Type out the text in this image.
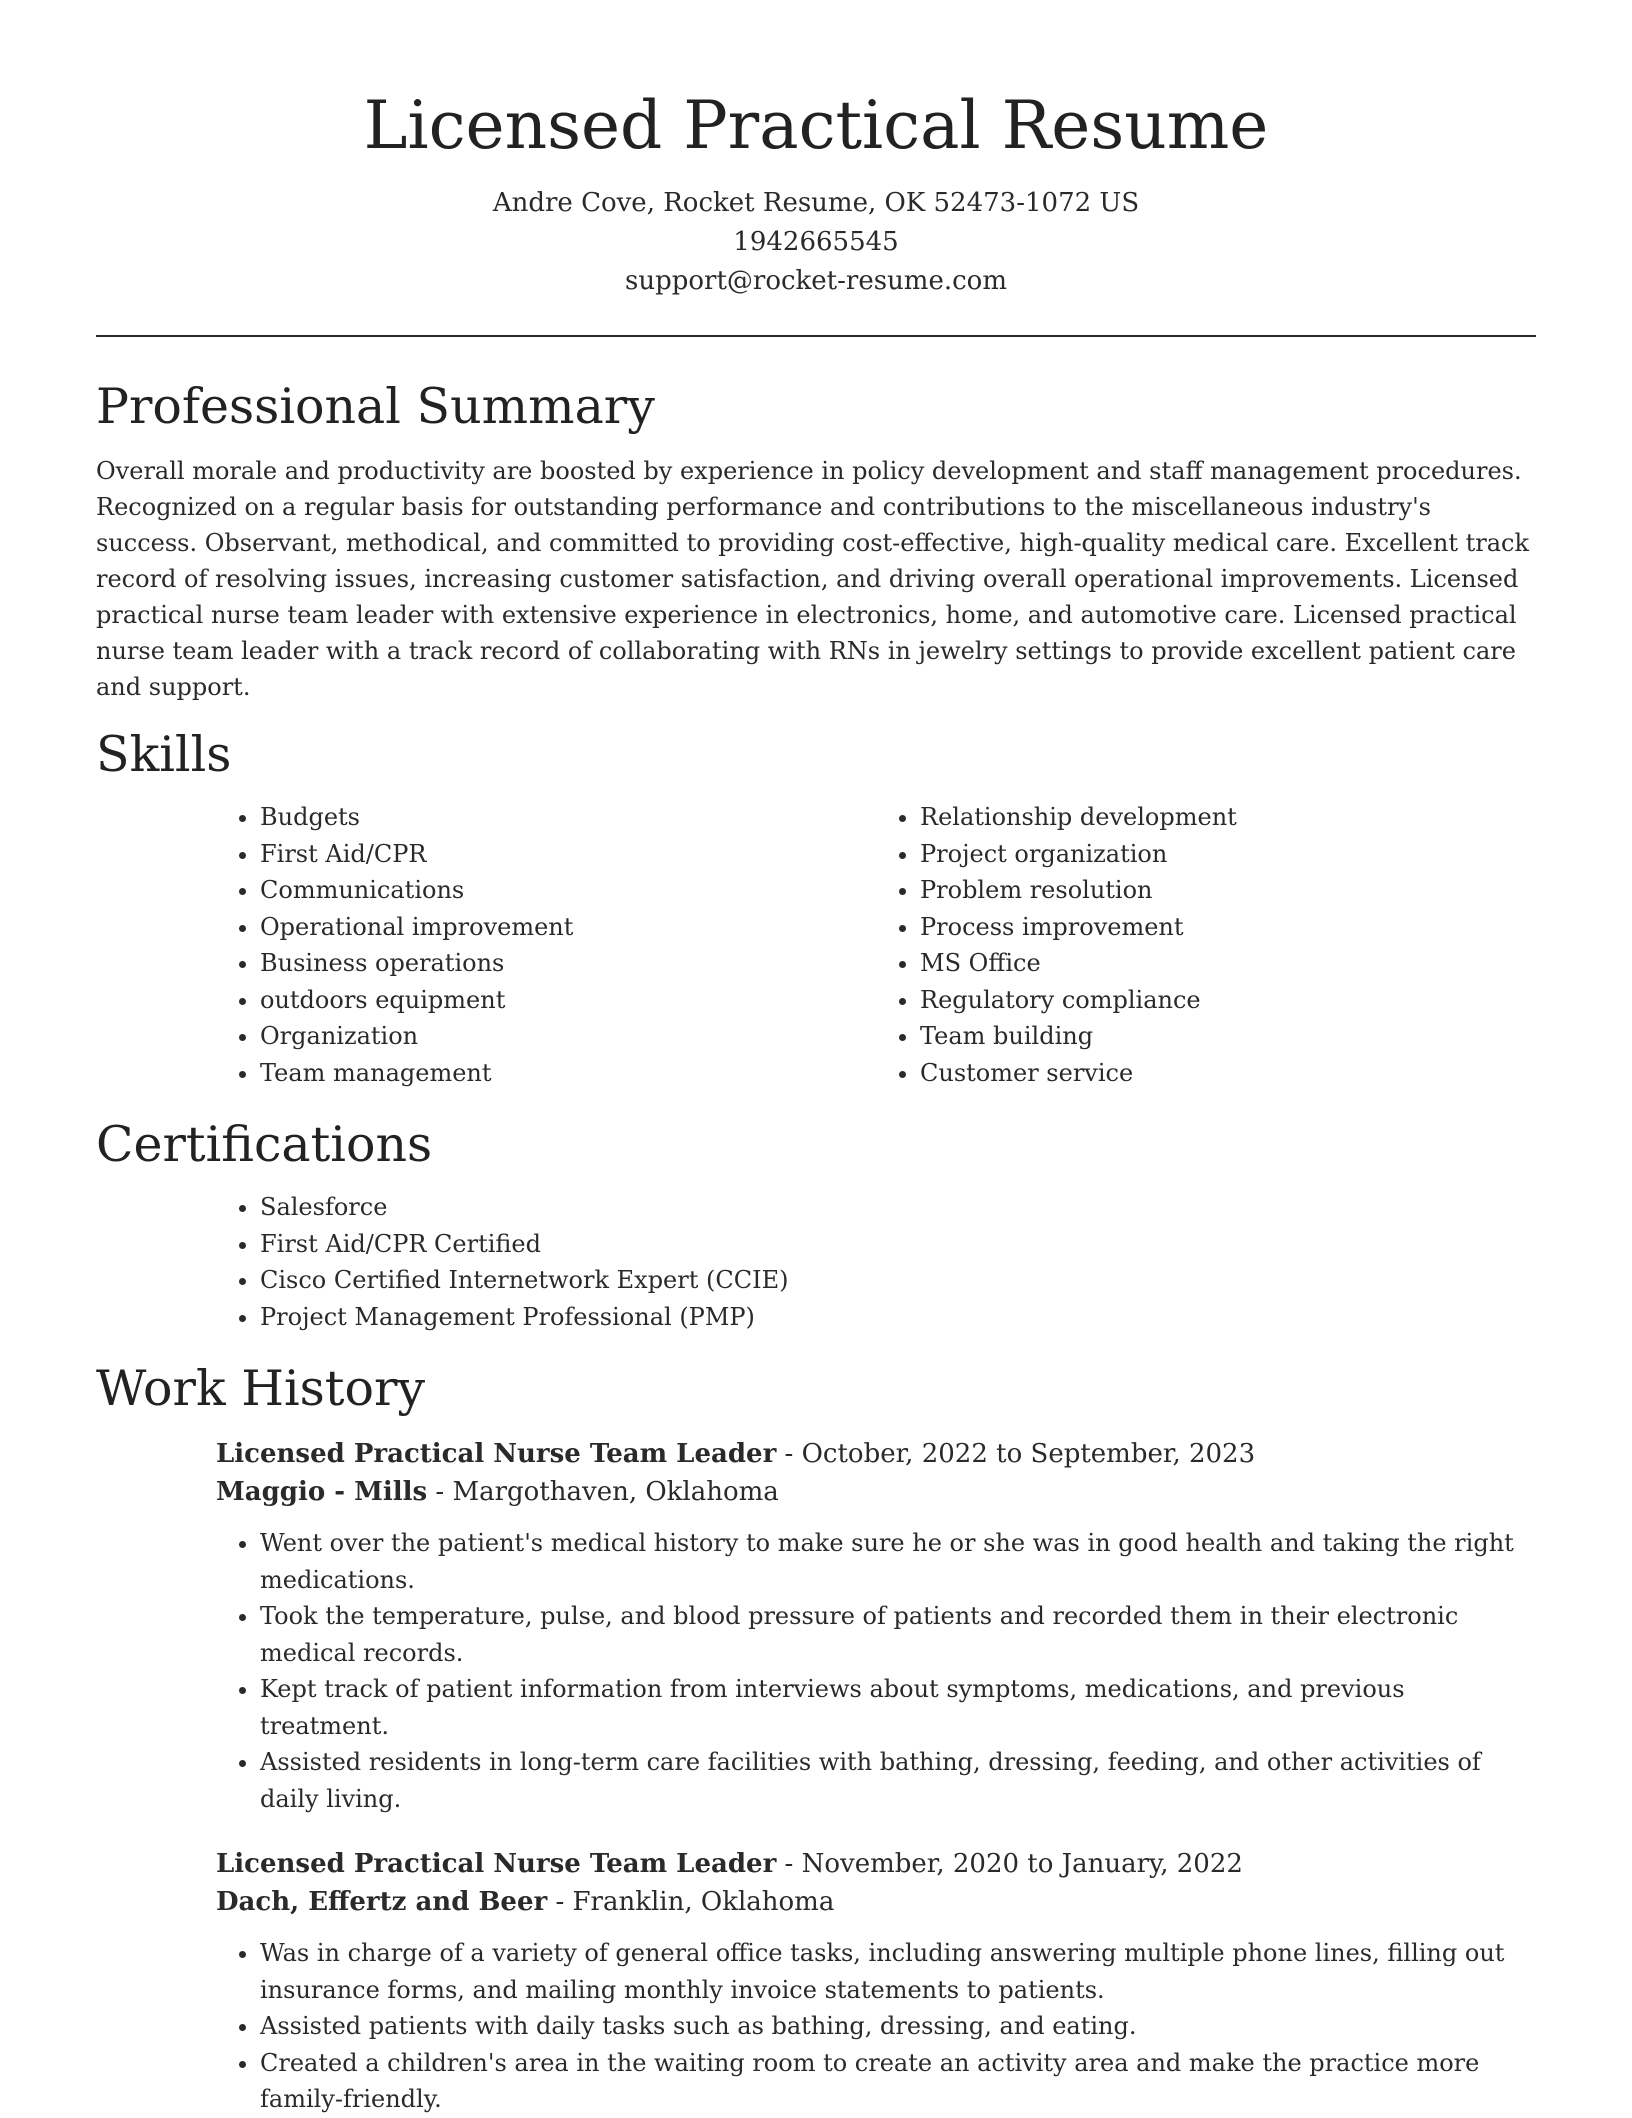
Licensed Practical Resume
Andre Cove, Rocket Resume, OK 52473-1072 US
1942665545
support@rocket-resume.com
Professional Summary

Overall morale and productivity are boosted by experience in policy development and staff management procedures. Recognized on a regular basis for outstanding performance and contributions to the miscellaneous industry's success. Observant, methodical, and committed to providing cost-effective, high-quality medical care. Excellent track record of resolving issues, increasing customer satisfaction, and driving overall operational improvements. Licensed practical nurse team leader with extensive experience in electronics, home, and automotive care. Licensed practical nurse team leader with a track record of collaborating with RNs in jewelry settings to provide excellent patient care and support.

Skills
• Budgets
• First Aid/CPR
• Communications
• Operational improvement
• Business operations
• outdoors equipment
• Organization
• Team management
• Relationship development
• Project organization
• Problem resolution
• Process improvement
• MS Office
• Regulatory compliance
• Team building
• Customer service
Certifications
• Salesforce
• First Aid/CPR Certified
• Cisco Certified Internetwork Expert (CCIE)
• Project Management Professional (PMP)
Work History
Licensed Practical Nurse Team Leader - October, 2022 to September, 2023
Maggio - Mills - Margothaven, Oklahoma
• Went over the patient's medical history to make sure he or she was in good health and taking the right medications.
• Took the temperature, pulse, and blood pressure of patients and recorded them in their electronic medical records.
• Kept track of patient information from interviews about symptoms, medications, and previous treatment.
• Assisted residents in long-term care facilities with bathing, dressing, feeding, and other activities of daily living.
Licensed Practical Nurse Team Leader - November, 2020 to January, 2022
Dach, Effertz and Beer - Franklin, Oklahoma
• Was in charge of a variety of general office tasks, including answering multiple phone lines, filling out insurance forms, and mailing monthly invoice statements to patients.
• Assisted patients with daily tasks such as bathing, dressing, and eating.
• Created a children's area in the waiting room to create an activity area and make the practice more family-friendly.
